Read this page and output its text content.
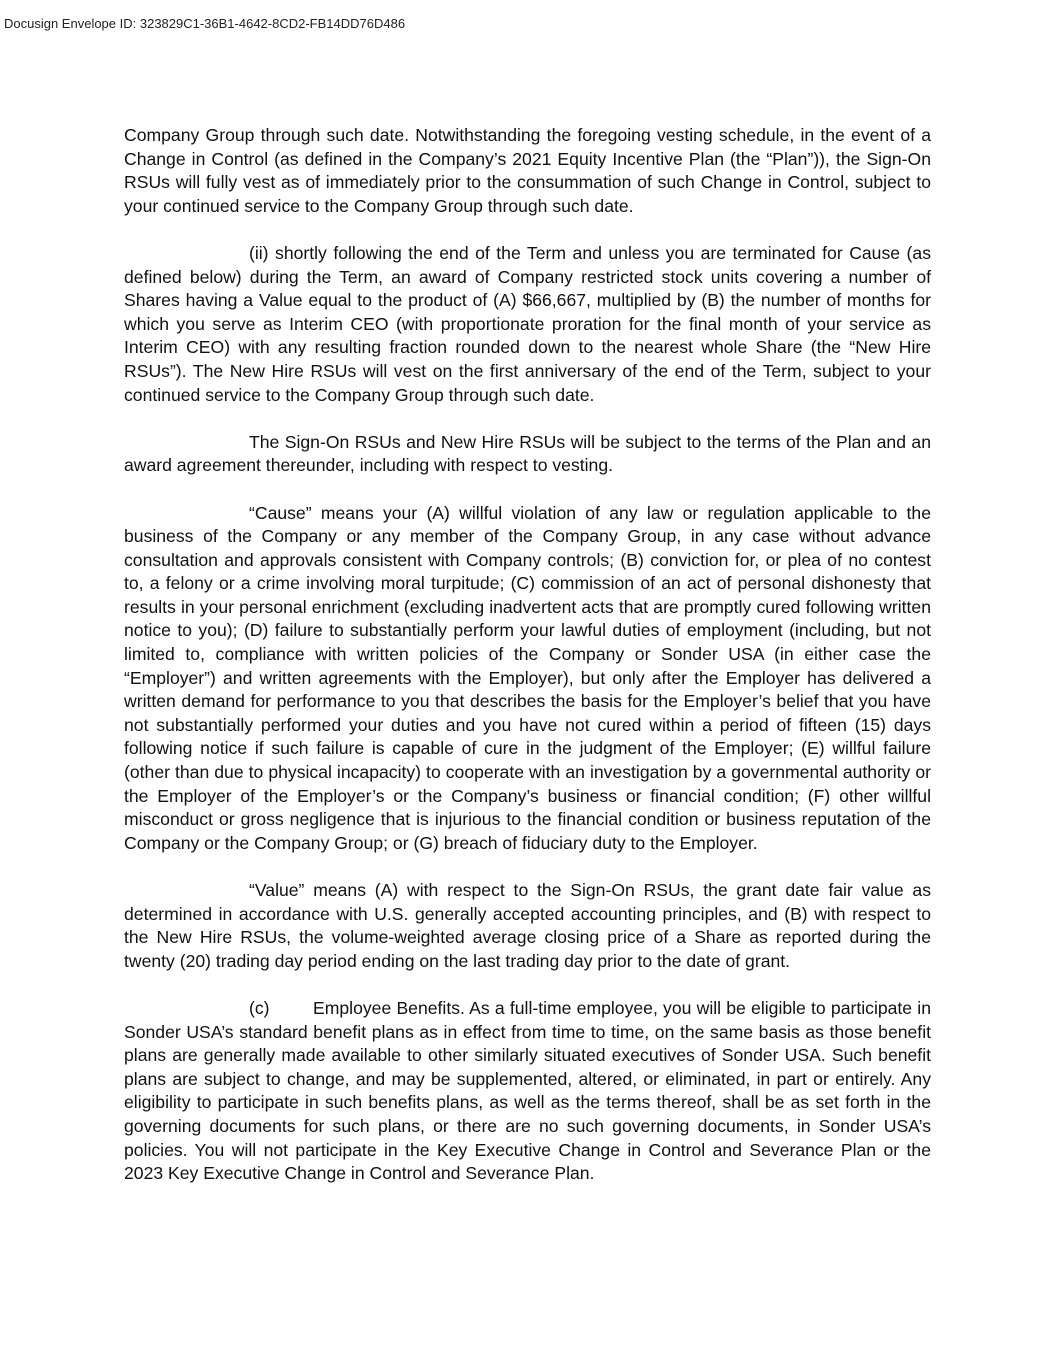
Docusign Envelope ID: 323829C1-36B1-4642-8CD2-FB14DD76D486

Company Group through such date. Notwithstanding the foregoing vesting schedule, in the event of a Change in Control (as defined in the Company’s 2021 Equity Incentive Plan (the “Plan”)), the Sign-On RSUs will fully vest as of immediately prior to the consummation of such Change in Control, subject to your continued service to the Company Group through such date.

(ii) shortly following the end of the Term and unless you are terminated for Cause (as defined below) during the Term, an award of Company restricted stock units covering a number of Shares having a Value equal to the product of (A) $66,667, multiplied by (B) the number of months for which you serve as Interim CEO (with proportionate proration for the final month of your service as Interim CEO) with any resulting fraction rounded down to the nearest whole Share (the “New Hire RSUs”). The New Hire RSUs will vest on the first anniversary of the end of the Term, subject to your continued service to the Company Group through such date.

The Sign-On RSUs and New Hire RSUs will be subject to the terms of the Plan and an award agreement thereunder, including with respect to vesting.

“Cause” means your (A) willful violation of any law or regulation applicable to the business of the Company or any member of the Company Group, in any case without advance consultation and approvals consistent with Company controls; (B) conviction for, or plea of no contest to, a felony or a crime involving moral turpitude; (C) commission of an act of personal dishonesty that results in your personal enrichment (excluding inadvertent acts that are promptly cured following written notice to you); (D) failure to substantially perform your lawful duties of employment (including, but not limited to, compliance with written policies of the Company or Sonder USA (in either case the “Employer”) and written agreements with the Employer), but only after the Employer has delivered a written demand for performance to you that describes the basis for the Employer’s belief that you have not substantially performed your duties and you have not cured within a period of fifteen (15) days following notice if such failure is capable of cure in the judgment of the Employer; (E) willful failure (other than due to physical incapacity) to cooperate with an investigation by a governmental authority or the Employer of the Employer’s or the Company’s business or financial condition; (F) other willful misconduct or gross negligence that is injurious to the financial condition or business reputation of the Company or the Company Group; or (G) breach of fiduciary duty to the Employer.

“Value” means (A) with respect to the Sign-On RSUs, the grant date fair value as determined in accordance with U.S. generally accepted accounting principles, and (B) with respect to the New Hire RSUs, the volume-weighted average closing price of a Share as reported during the twenty (20) trading day period ending on the last trading day prior to the date of grant.

(c) Employee Benefits. As a full-time employee, you will be eligible to participate in Sonder USA’s standard benefit plans as in effect from time to time, on the same basis as those benefit plans are generally made available to other similarly situated executives of Sonder USA. Such benefit plans are subject to change, and may be supplemented, altered, or eliminated, in part or entirely. Any eligibility to participate in such benefits plans, as well as the terms thereof, shall be as set forth in the governing documents for such plans, or there are no such governing documents, in Sonder USA’s policies. You will not participate in the Key Executive Change in Control and Severance Plan or the 2023 Key Executive Change in Control and Severance Plan.
